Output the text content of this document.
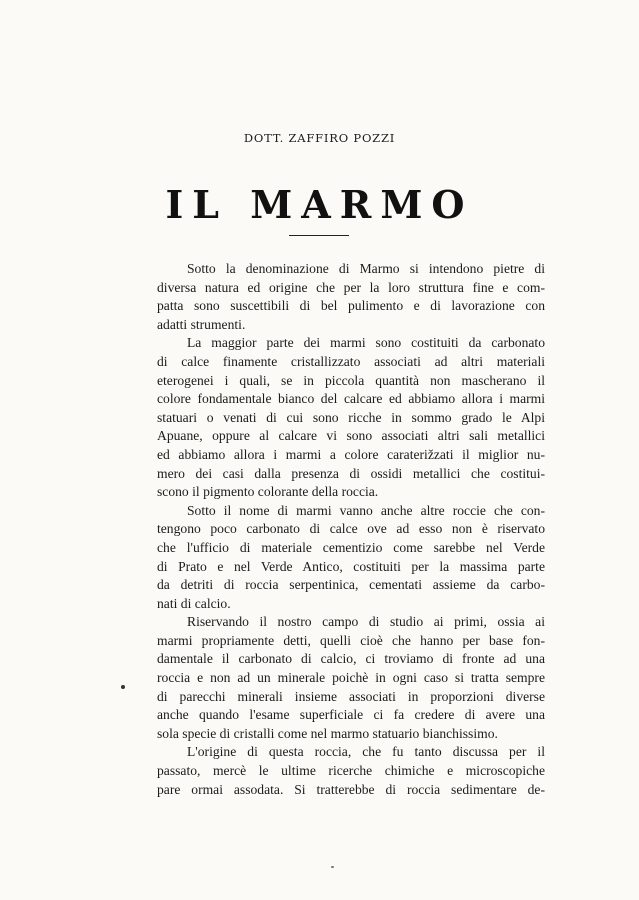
DOTT. ZAFFIRO POZZI
IL MARMO
Sotto la denominazione di Marmo si intendono pietre di
diversa natura ed origine che per la loro struttura fine e com-
patta sono suscettibili di bel pulimento e di lavorazione con
adatti strumenti.
La maggior parte dei marmi sono costituiti da carbonato
di calce finamente cristallizzato associati ad altri materiali
eterogenei i quali, se in piccola quantità non mascherano il
colore fondamentale bianco del calcare ed abbiamo allora i marmi
statuari o venati di cui sono ricche in sommo grado le Alpi
Apuane, oppure al calcare vi sono associati altri sali metallici
ed abbiamo allora i marmi a colore caraterižzati il miglior nu-
mero dei casi dalla presenza di ossidi metallici che costitui-
scono il pigmento colorante della roccia.
Sotto il nome di marmi vanno anche altre roccie che con-
tengono poco carbonato di calce ove ad esso non è riservato
che l'ufficio di materiale cementizio come sarebbe nel Verde
di Prato e nel Verde Antico, costituiti per la massima parte
da detriti di roccia serpentinica, cementati assieme da carbo-
nati di calcio.
Riservando il nostro campo di studio ai primi, ossia ai
marmi propriamente detti, quelli cioè che hanno per base fon-
damentale il carbonato di calcio, ci troviamo di fronte ad una
roccia e non ad un minerale poichè in ogni caso si tratta sempre
di parecchi minerali insieme associati in proporzioni diverse
anche quando l'esame superficiale ci fa credere di avere una
sola specie di cristalli come nel marmo statuario bianchissimo.
L'origine di questa roccia, che fu tanto discussa per il
passato, mercè le ultime ricerche chimiche e microscopiche
pare ormai assodata. Si tratterebbe di roccia sedimentare de-
